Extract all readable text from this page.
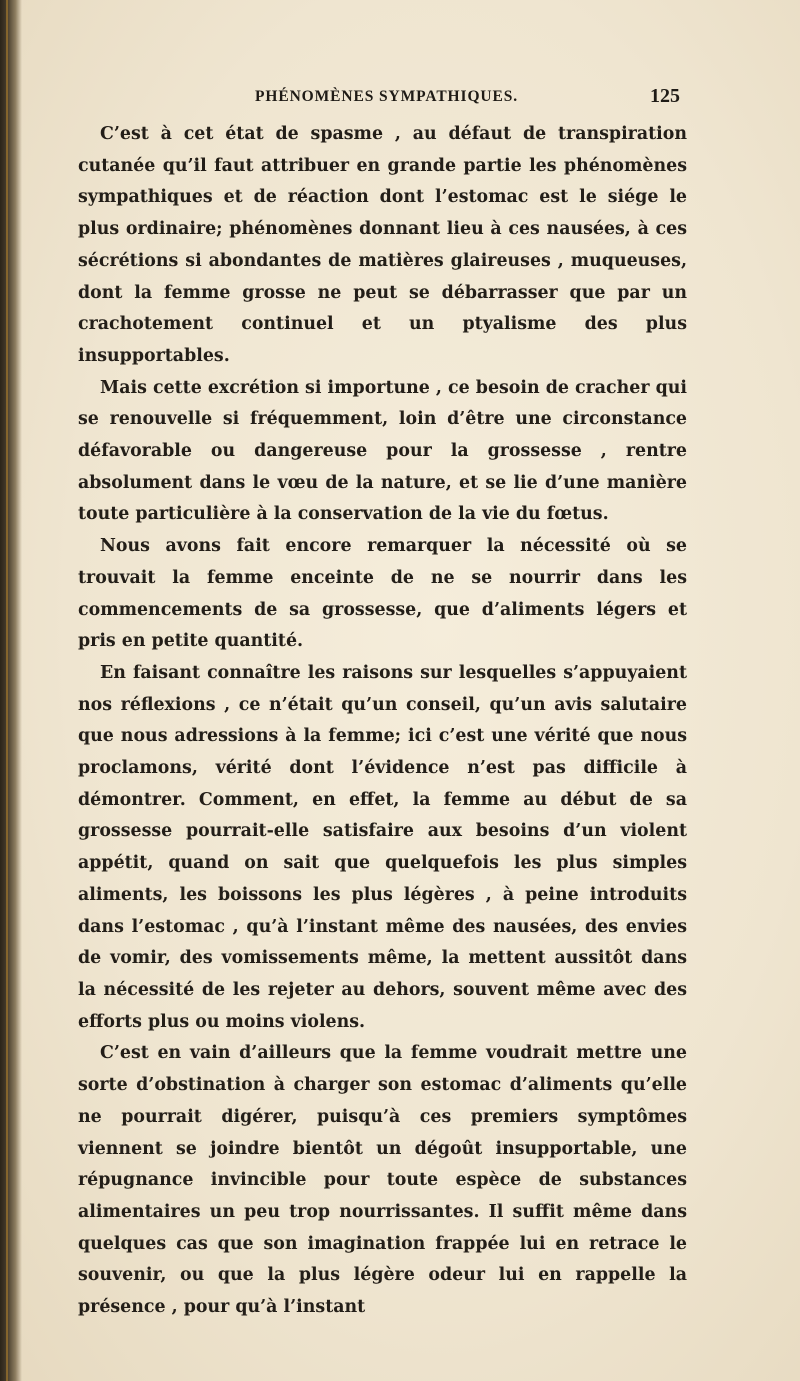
PHÉNOMÈNES SYMPATHIQUES.	125

C’est à cet état de spasme , au défaut de transpiration cutanée qu’il faut attribuer en grande partie les phénomènes sympathiques et de réaction dont l’estomac est le siége le plus ordinaire; phénomènes donnant lieu à ces nausées, à ces sécrétions si abondantes de matières glaireuses , muqueuses, dont la femme grosse ne peut se débarrasser que par un crachotement continuel et un ptyalisme des plus insupportables.

Mais cette excrétion si importune , ce besoin de cracher qui se renouvelle si fréquemment, loin d’être une circonstance défavorable ou dangereuse pour la grossesse , rentre absolument dans le vœu de la nature, et se lie d’une manière toute particulière à la conservation de la vie du fœtus.

Nous avons fait encore remarquer la nécessité où se trouvait la femme enceinte de ne se nourrir dans les commencements de sa grossesse, que d’aliments légers et pris en petite quantité.

En faisant connaître les raisons sur lesquelles s’appuyaient nos réflexions , ce n’était qu’un conseil, qu’un avis salutaire que nous adressions à la femme; ici c’est une vérité que nous proclamons, vérité dont l’évidence n’est pas difficile à démontrer. Comment, en effet, la femme au début de sa grossesse pourrait-elle satisfaire aux besoins d’un violent appétit, quand on sait que quelquefois les plus simples aliments, les boissons les plus légères , à peine introduits dans l’estomac , qu’à l’instant même des nausées, des envies de vomir, des vomissements même, la mettent aussitôt dans la nécessité de les rejeter au dehors, souvent même avec des efforts plus ou moins violens.

C’est en vain d’ailleurs que la femme voudrait mettre une sorte d’obstination à charger son estomac d’aliments qu’elle ne pourrait digérer, puisqu’à ces premiers symptômes viennent se joindre bientôt un dégoût insupportable, une répugnance invincible pour toute espèce de substances alimentaires un peu trop nourrissantes. Il suffit même dans quelques cas que son imagination frappée lui en retrace le souvenir, ou que la plus légère odeur lui en rappelle la présence , pour qu’à l’instant
